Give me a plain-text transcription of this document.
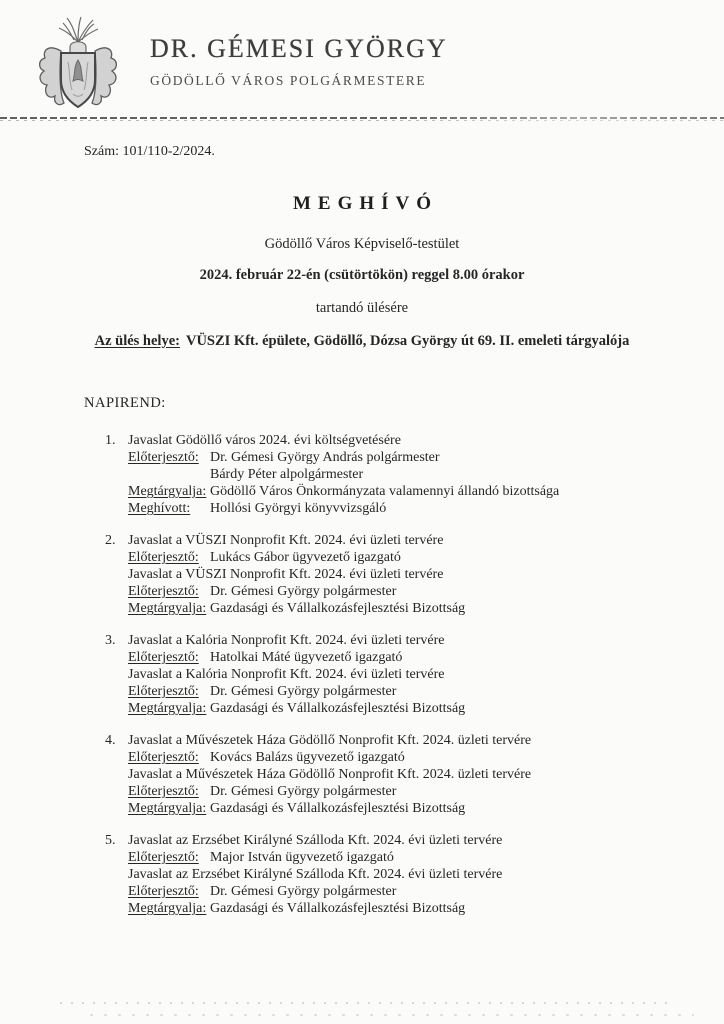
DR. GÉMESI GYÖRGY
GÖDÖLLŐ VÁROS POLGÁRMESTERE
Szám: 101/110-2/2024.
MEGHÍVÓ
Gödöllő Város Képviselő-testület
2024. február 22-én (csütörtökön) reggel 8.00 órakor
tartandó ülésére
Az ülés helye: VÜSZI Kft. épülete, Gödöllő, Dózsa György út 69. II. emeleti tárgyalója
NAPIREND:
1. Javaslat Gödöllő város 2024. évi költségvetésére
Előterjesztő: Dr. Gémesi György András polgármester
Bárdy Péter alpolgármester
Megtárgyalja: Gödöllő Város Önkormányzata valamennyi állandó bizottsága
Meghívott: Hollósi Györgyi könyvvizsgáló
2. Javaslat a VÜSZI Nonprofit Kft. 2024. évi üzleti tervére
Előterjesztő: Lukács Gábor ügyvezető igazgató
Javaslat a VÜSZI Nonprofit Kft. 2024. évi üzleti tervére
Előterjesztő: Dr. Gémesi György polgármester
Megtárgyalja: Gazdasági és Vállalkozásfejlesztési Bizottság
3. Javaslat a Kalória Nonprofit Kft. 2024. évi üzleti tervére
Előterjesztő: Hatolkai Máté ügyvezető igazgató
Javaslat a Kalória Nonprofit Kft. 2024. évi üzleti tervére
Előterjesztő: Dr. Gémesi György polgármester
Megtárgyalja: Gazdasági és Vállalkozásfejlesztési Bizottság
4. Javaslat a Művészetek Háza Gödöllő Nonprofit Kft. 2024. üzleti tervére
Előterjesztő: Kovács Balázs ügyvezető igazgató
Javaslat a Művészetek Háza Gödöllő Nonprofit Kft. 2024. üzleti tervére
Előterjesztő: Dr. Gémesi György polgármester
Megtárgyalja: Gazdasági és Vállalkozásfejlesztési Bizottság
5. Javaslat az Erzsébet Királyné Szálloda Kft. 2024. évi üzleti tervére
Előterjesztő: Major István ügyvezető igazgató
Javaslat az Erzsébet Királyné Szálloda Kft. 2024. évi üzleti tervére
Előterjesztő: Dr. Gémesi György polgármester
Megtárgyalja: Gazdasági és Vállalkozásfejlesztési Bizottság
